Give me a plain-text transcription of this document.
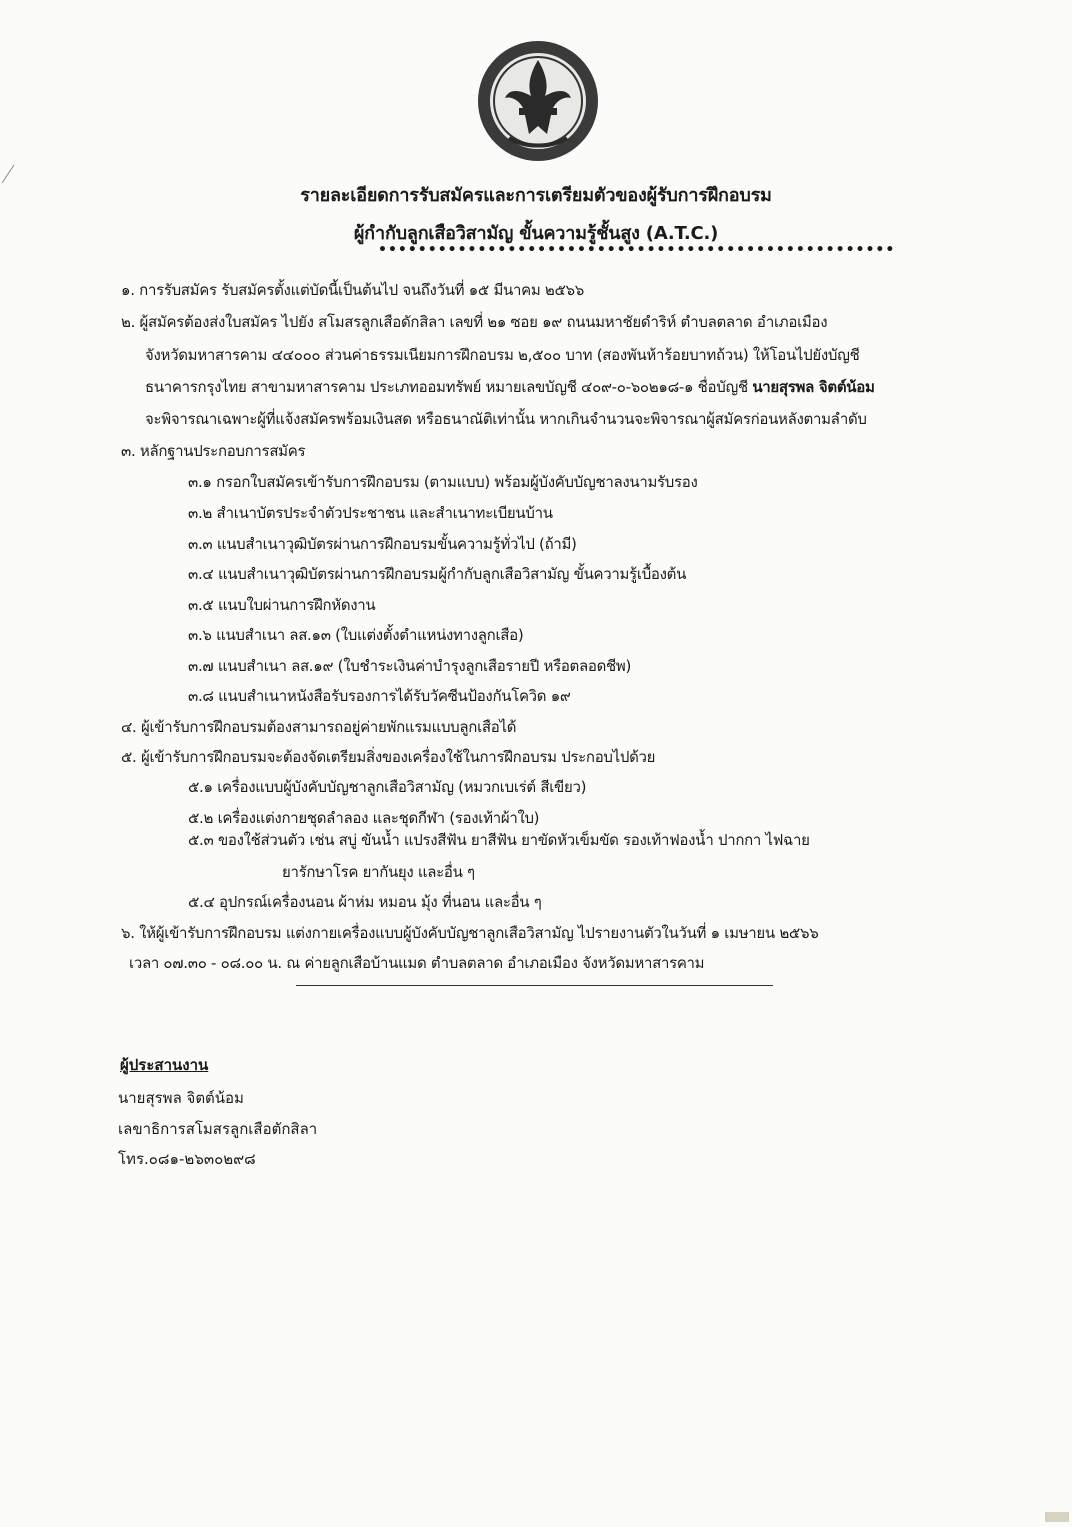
รายละเอียดการรับสมัครและการเตรียมตัวของผู้รับการฝึกอบรม
ผู้กำกับลูกเสือวิสามัญ ขั้นความรู้ชั้นสูง (A.T.C.)
••••••••••••••••••••••••••••••••••••••••••••••••••••
๑. การรับสมัคร รับสมัครตั้งแต่บัดนี้เป็นต้นไป จนถึงวันที่ ๑๕ มีนาคม ๒๕๖๖
๒. ผู้สมัครต้องส่งใบสมัคร ไปยัง สโมสรลูกเสือดักสิลา เลขที่ ๒๑ ซอย ๑๙ ถนนมหาชัยดำริห์ ตำบลตลาด อำเภอเมือง
จังหวัดมหาสารคาม ๔๔๐๐๐ ส่วนค่าธรรมเนียมการฝึกอบรม ๒,๕๐๐ บาท (สองพันห้าร้อยบาทถ้วน) ให้โอนไปยังบัญชี
ธนาคารกรุงไทย สาขามหาสารคาม ประเภทออมทรัพย์ หมายเลขบัญชี ๔๐๙-๐-๖๐๒๑๘-๑ ชื่อบัญชี นายสุรพล จิตต์น้อม
จะพิจารณาเฉพาะผู้ที่แจ้งสมัครพร้อมเงินสด หรือธนาณัติเท่านั้น หากเกินจำนวนจะพิจารณาผู้สมัครก่อนหลังตามลำดับ
๓. หลักฐานประกอบการสมัคร
๓.๑ กรอกใบสมัครเข้ารับการฝึกอบรม (ตามแบบ) พร้อมผู้บังคับบัญชาลงนามรับรอง
๓.๒ สำเนาบัตรประจำตัวประชาชน และสำเนาทะเบียนบ้าน
๓.๓ แนบสำเนาวุฒิบัตรผ่านการฝึกอบรมขั้นความรู้ทั่วไป (ถ้ามี)
๓.๔ แนบสำเนาวุฒิบัตรผ่านการฝึกอบรมผู้กำกับลูกเสือวิสามัญ ขั้นความรู้เบื้องต้น
๓.๕ แนบใบผ่านการฝึกหัดงาน
๓.๖ แนบสำเนา ลส.๑๓ (ใบแต่งตั้งตำแหน่งทางลูกเสือ)
๓.๗ แนบสำเนา ลส.๑๙ (ใบชำระเงินค่าบำรุงลูกเสือรายปี หรือตลอดชีพ)
๓.๘ แนบสำเนาหนังสือรับรองการได้รับวัคซีนป้องกันโควิด ๑๙
๔. ผู้เข้ารับการฝึกอบรมต้องสามารถอยู่ค่ายพักแรมแบบลูกเสือได้
๕. ผู้เข้ารับการฝึกอบรมจะต้องจัดเตรียมสิ่งของเครื่องใช้ในการฝึกอบรม ประกอบไปด้วย
๕.๑ เครื่องแบบผู้บังคับบัญชาลูกเสือวิสามัญ (หมวกเบเร่ต์ สีเขียว)
๕.๒ เครื่องแต่งกายชุดลำลอง และชุดกีฬา (รองเท้าผ้าใบ)
๕.๓ ของใช้ส่วนตัว เช่น สบู่ ขันน้ำ แปรงสีฟัน ยาสีฟัน ยาขัดหัวเข็มขัด รองเท้าฟองน้ำ ปากกา ไฟฉาย
ยารักษาโรค ยากันยุง และอื่น ๆ
๕.๔ อุปกรณ์เครื่องนอน ผ้าห่ม หมอน มุ้ง ที่นอน และอื่น ๆ
๖. ให้ผู้เข้ารับการฝึกอบรม แต่งกายเครื่องแบบผู้บังคับบัญชาลูกเสือวิสามัญ ไปรายงานตัวในวันที่ ๑ เมษายน ๒๕๖๖
เวลา ๐๗.๓๐ - ๐๘.๐๐ น. ณ ค่ายลูกเสือบ้านแมด ตำบลตลาด อำเภอเมือง จังหวัดมหาสารคาม
ผู้ประสานงาน
นายสุรพล จิตต์น้อม
เลขาธิการสโมสรลูกเสือตักสิลา
โทร.๐๘๑-๒๖๓๐๒๙๘
